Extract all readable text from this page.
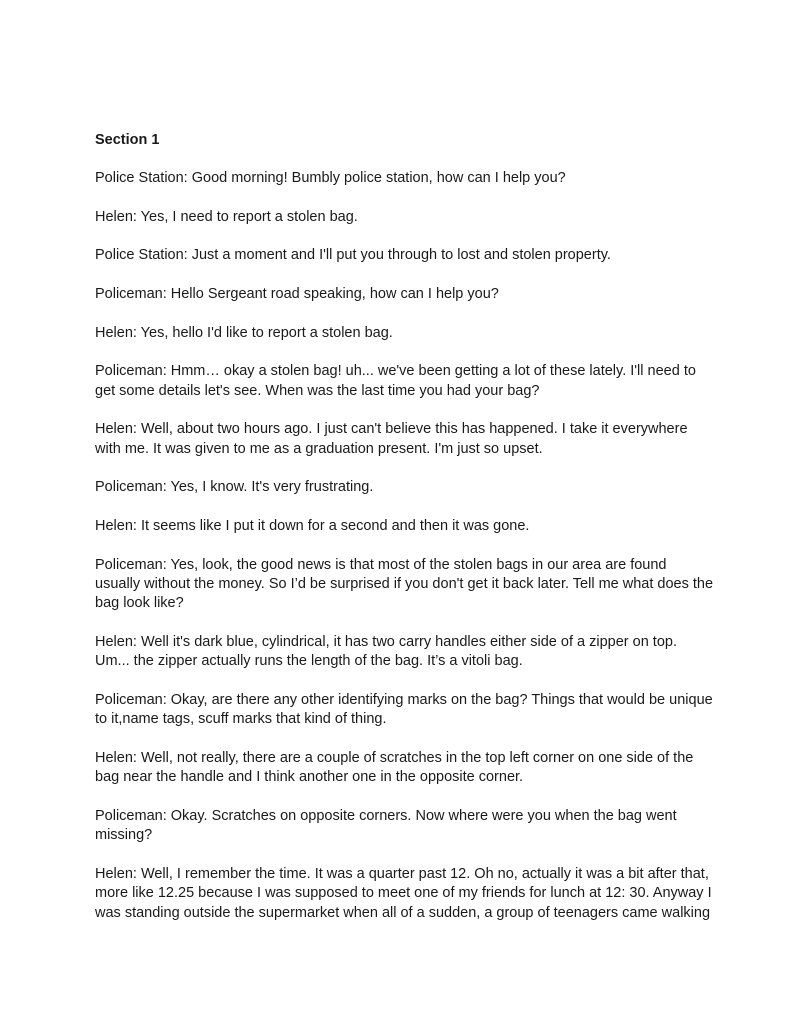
Section 1
Police Station: Good morning! Bumbly police station, how can I help you?
Helen: Yes, I need to report a stolen bag.
Police Station: Just a moment and I'll put you through to lost and stolen property.
Policeman: Hello Sergeant road speaking, how can I help you?
Helen: Yes, hello I'd like to report a stolen bag.
Policeman: Hmm… okay a stolen bag! uh... we've been getting a lot of these lately. I'll need to get some details let's see. When was the last time you had your bag?
Helen: Well, about two hours ago. I just can't believe this has happened. I take it everywhere with me. It was given to me as a graduation present. I'm just so upset.
Policeman: Yes, I know. It's very frustrating.
Helen: It seems like I put it down for a second and then it was gone.
Policeman: Yes, look, the good news is that most of the stolen bags in our area are found usually without the money. So I’d be surprised if you don't get it back later. Tell me what does the bag look like?
Helen: Well it's dark blue, cylindrical, it has two carry handles either side of a zipper on top. Um... the zipper actually runs the length of the bag. It’s a vitoli bag.
Policeman: Okay, are there any other identifying marks on the bag? Things that would be unique to it,name tags, scuff marks that kind of thing.
Helen: Well, not really, there are a couple of scratches in the top left corner on one side of the bag near the handle and I think another one in the opposite corner.
Policeman: Okay. Scratches on opposite corners. Now where were you when the bag went missing?
Helen: Well, I remember the time. It was a quarter past 12. Oh no, actually it was a bit after that, more like 12.25 because I was supposed to meet one of my friends for lunch at 12: 30. Anyway I was standing outside the supermarket when all of a sudden, a group of teenagers came walking
